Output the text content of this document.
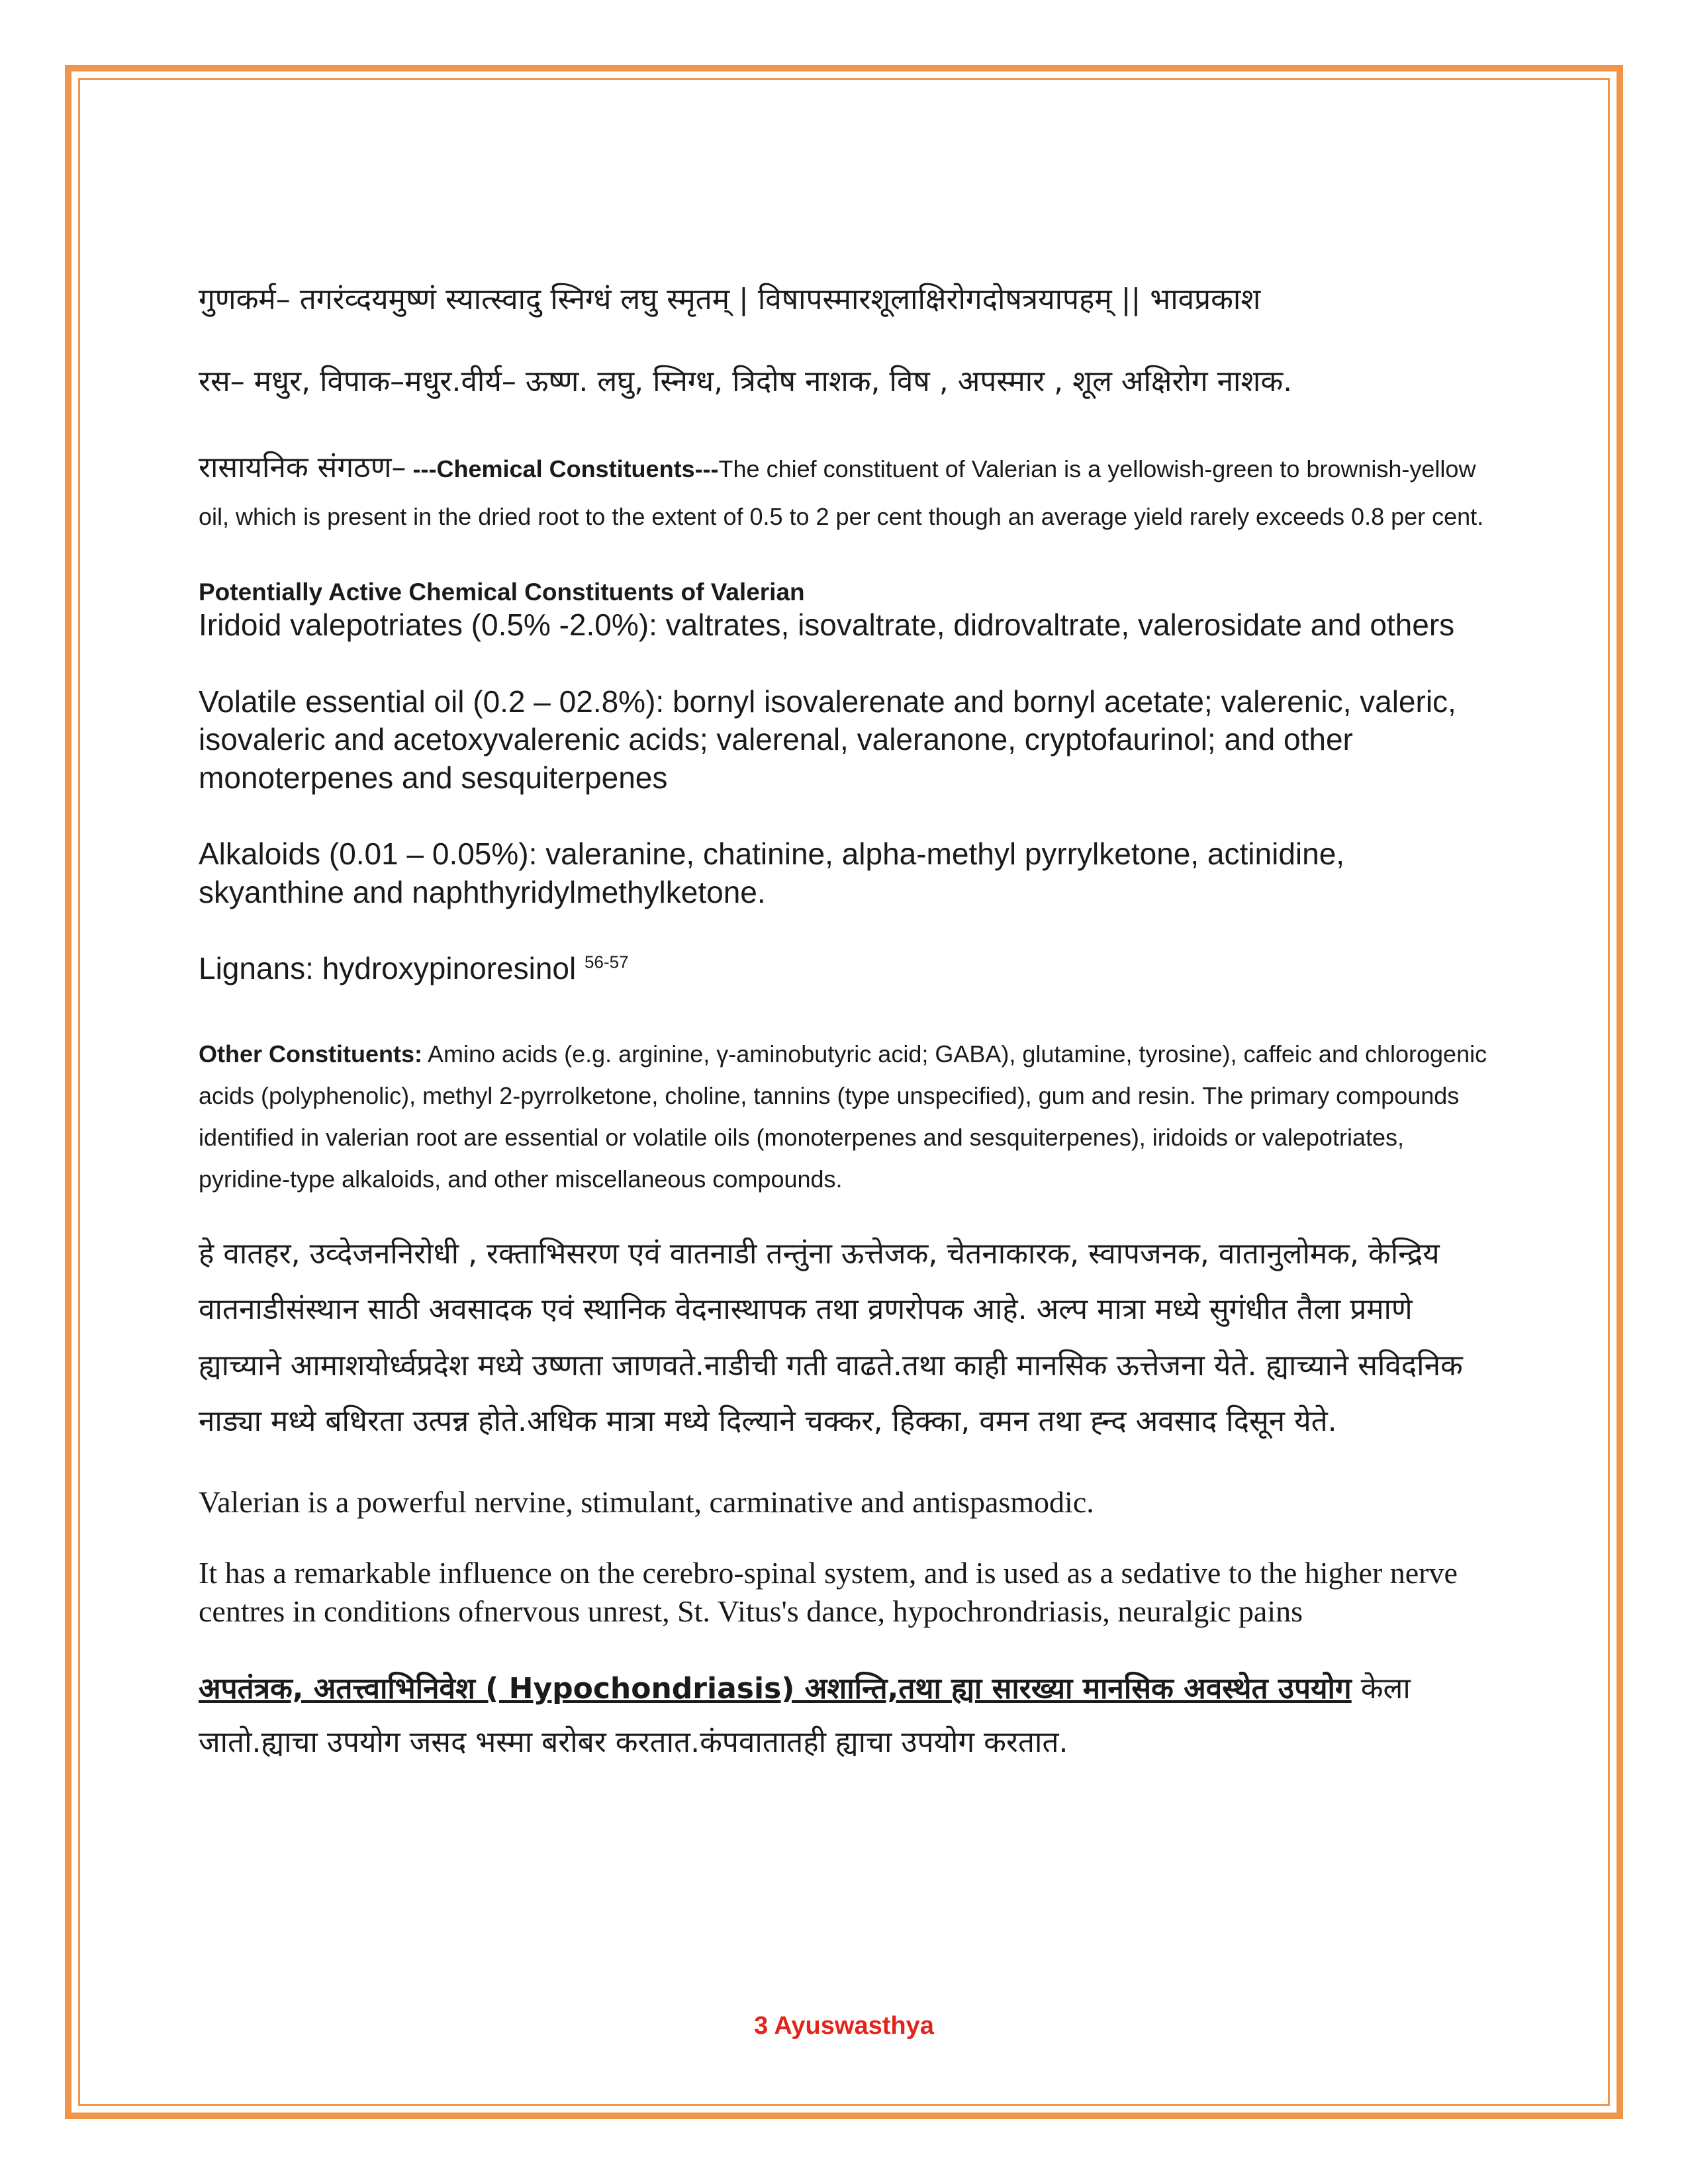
गुणकर्म– तगरंव्दयमुष्णं स्यात्स्वादु स्निग्धं लघु स्मृतम् | विषापस्मारशूलाक्षिरोगदोषत्रयापहम् || भावप्रकाश

रस– मधुर, विपाक–मधुर.वीर्य– ऊष्ण. लघु, स्निग्ध, त्रिदोष नाशक, विष , अपस्मार , शूल अक्षिरोग नाशक.

रासायनिक संगठण– ---Chemical Constituents---The chief constituent of Valerian is a yellowish-green to brownish-yellow oil, which is present in the dried root to the extent of 0.5 to 2 per cent though an average yield rarely exceeds 0.8 per cent.

Potentially Active Chemical Constituents of Valerian

Iridoid valepotriates (0.5% -2.0%): valtrates, isovaltrate, didrovaltrate, valerosidate and others

Volatile essential oil (0.2 – 02.8%): bornyl isovalerenate and bornyl acetate; valerenic, valeric, isovaleric and acetoxyvalerenic acids; valerenal, valeranone, cryptofaurinol; and other monoterpenes and sesquiterpenes

Alkaloids (0.01 – 0.05%): valeranine, chatinine, alpha-methyl pyrrylketone, actinidine, skyanthine and naphthyridylmethylketone.

Lignans: hydroxypinoresinol $^{56-57}$

Other Constituents: Amino acids (e.g. arginine, γ-aminobutyric acid; GABA), glutamine, tyrosine), caffeic and chlorogenic acids (polyphenolic), methyl 2-pyrrolketone, choline, tannins (type unspecified), gum and resin. The primary compounds identified in valerian root are essential or volatile oils (monoterpenes and sesquiterpenes), iridoids or valepotriates, pyridine-type alkaloids, and other miscellaneous compounds.

हे वातहर, उव्देजननिरोधी , रक्ताभिसरण एवं वातनाडी तन्तुंना ऊत्तेजक, चेतनाकारक, स्वापजनक, वातानुलोमक, केन्द्रिय वातनाडीसंस्थान साठी अवसादक एवं स्थानिक वेदनास्थापक तथा व्रणरोपक आहे. अल्प मात्रा मध्ये सुगंधीत तैला प्रमाणे ह्याच्याने आमाशयोर्ध्वप्रदेश मध्ये उष्णता जाणवते.नाडीची गती वाढते.तथा काही मानसिक ऊत्तेजना येते. ह्याच्याने सविदनिक नाड्या मध्ये बधिरता उत्पन्न होते.अधिक मात्रा मध्ये दिल्याने चक्कर, हिक्का, वमन तथा ह्न्द अवसाद दिसून येते.

Valerian is a powerful nervine, stimulant, carminative and antispasmodic.

It has a remarkable influence on the cerebro-spinal system, and is used as a sedative to the higher nerve centres in conditions ofnervous unrest, St. Vitus's dance, hypochrondriasis, neuralgic pains

अपतंत्रक, अतत्त्वाभिनिवेश ( Hypochondriasis) अशान्ति,तथा ह्या सारख्या मानसिक अवस्थेत उपयोग केला जातो.ह्याचा उपयोग जसद भस्मा बरोबर करतात.कंपवातातही ह्याचा उपयोग करतात.

3 Ayuswasthya
